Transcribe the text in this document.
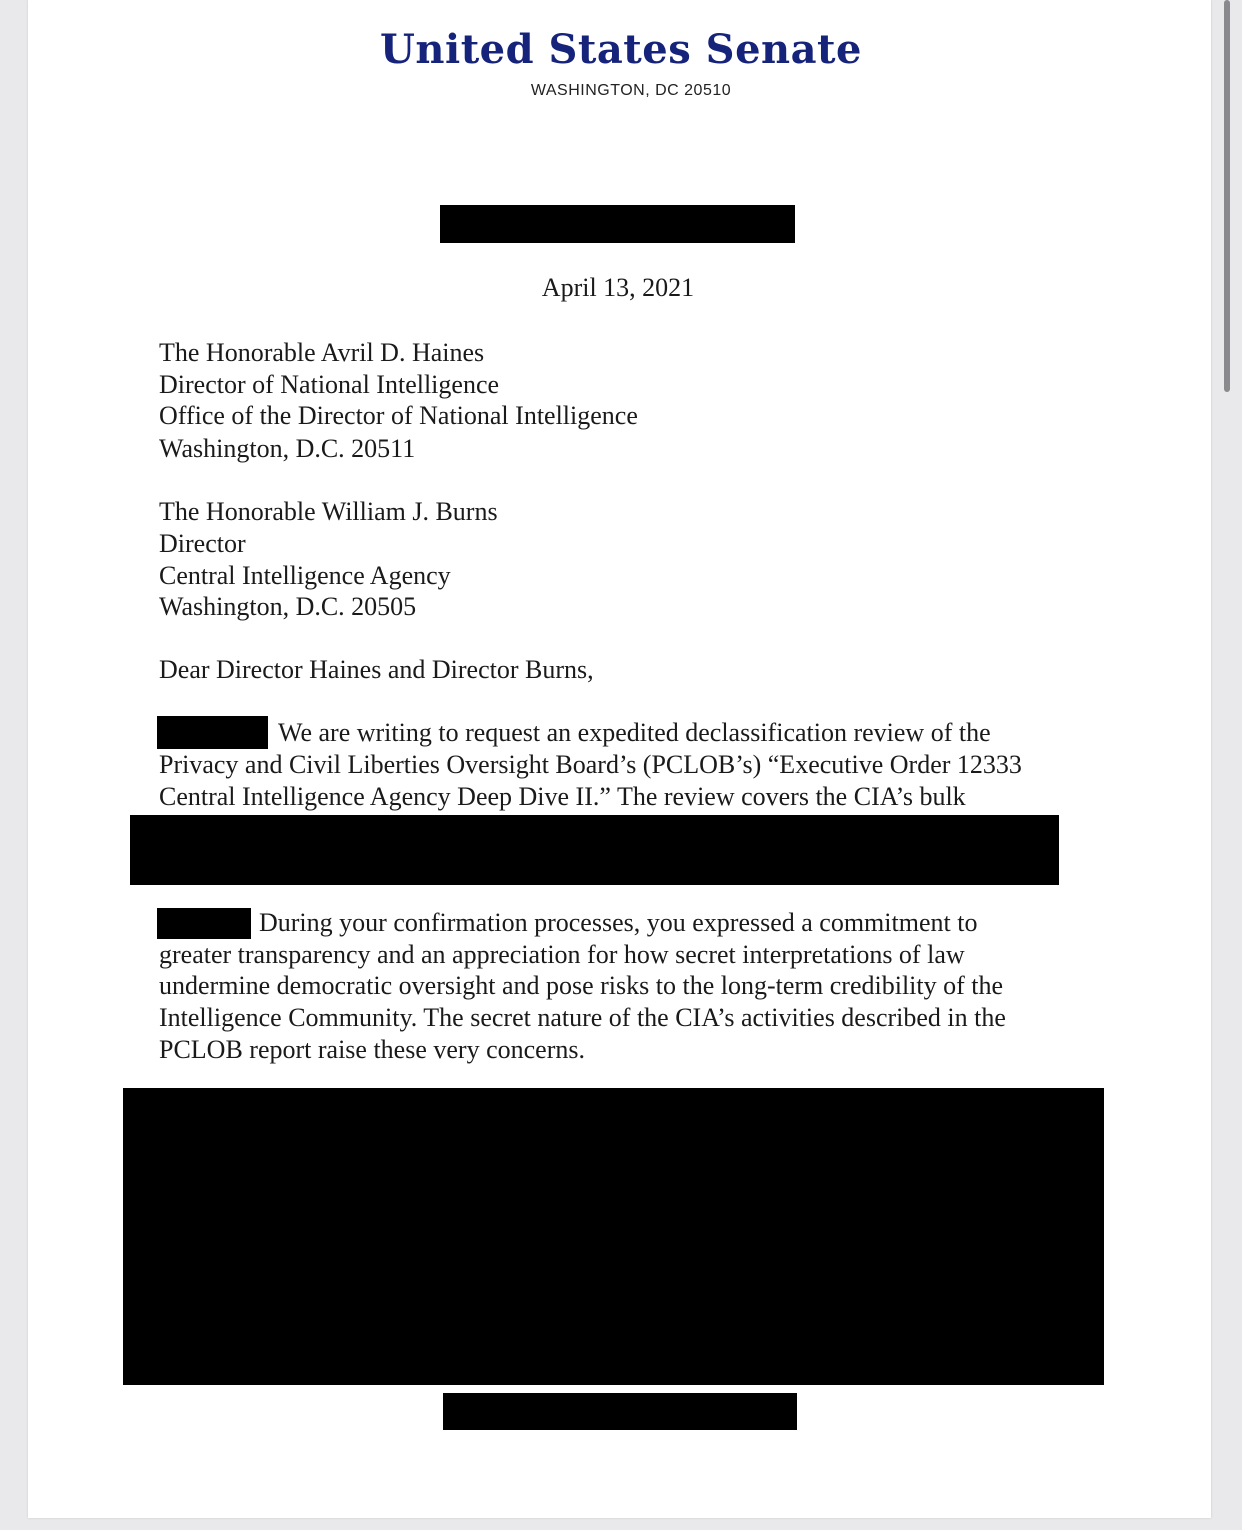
United States Senate
WASHINGTON, DC 20510
April 13, 2021
The Honorable Avril D. Haines
Director of National Intelligence
Office of the Director of National Intelligence
Washington, D.C. 20511
The Honorable William J. Burns
Director
Central Intelligence Agency
Washington, D.C. 20505
Dear Director Haines and Director Burns,
We are writing to request an expedited declassification review of the
Privacy and Civil Liberties Oversight Board’s (PCLOB’s) “Executive Order 12333
Central Intelligence Agency Deep Dive II.” The review covers the CIA’s bulk
During your confirmation processes, you expressed a commitment to
greater transparency and an appreciation for how secret interpretations of law
undermine democratic oversight and pose risks to the long-term credibility of the
Intelligence Community. The secret nature of the CIA’s activities described in the
PCLOB report raise these very concerns.
